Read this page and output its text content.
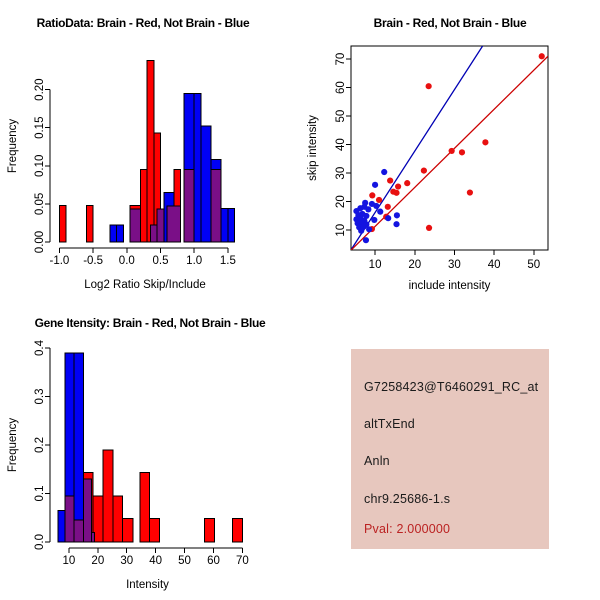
-1.0 -0.5 0.0 0.5 1.0 1.5
0.00
0.05
0.10
0.15
0.20
RatioData: Brain - Red, Not Brain - Blue
Log2 Ratio Skip/Include
Frequency
10 20 30 40 50
10
20
30
40
50
60
70
Brain - Red, Not Brain - Blue
include intensity
skip intensity
10 20 30 40 50 60 70
0.0
0.1
0.2
0.3
0.4
Gene Itensity: Brain - Red, Not Brain - Blue
Intensity
Frequency
G7258423@T6460291_RC_at
altTxEnd
Anln
chr9.25686-1.s
Pval: 2.000000
